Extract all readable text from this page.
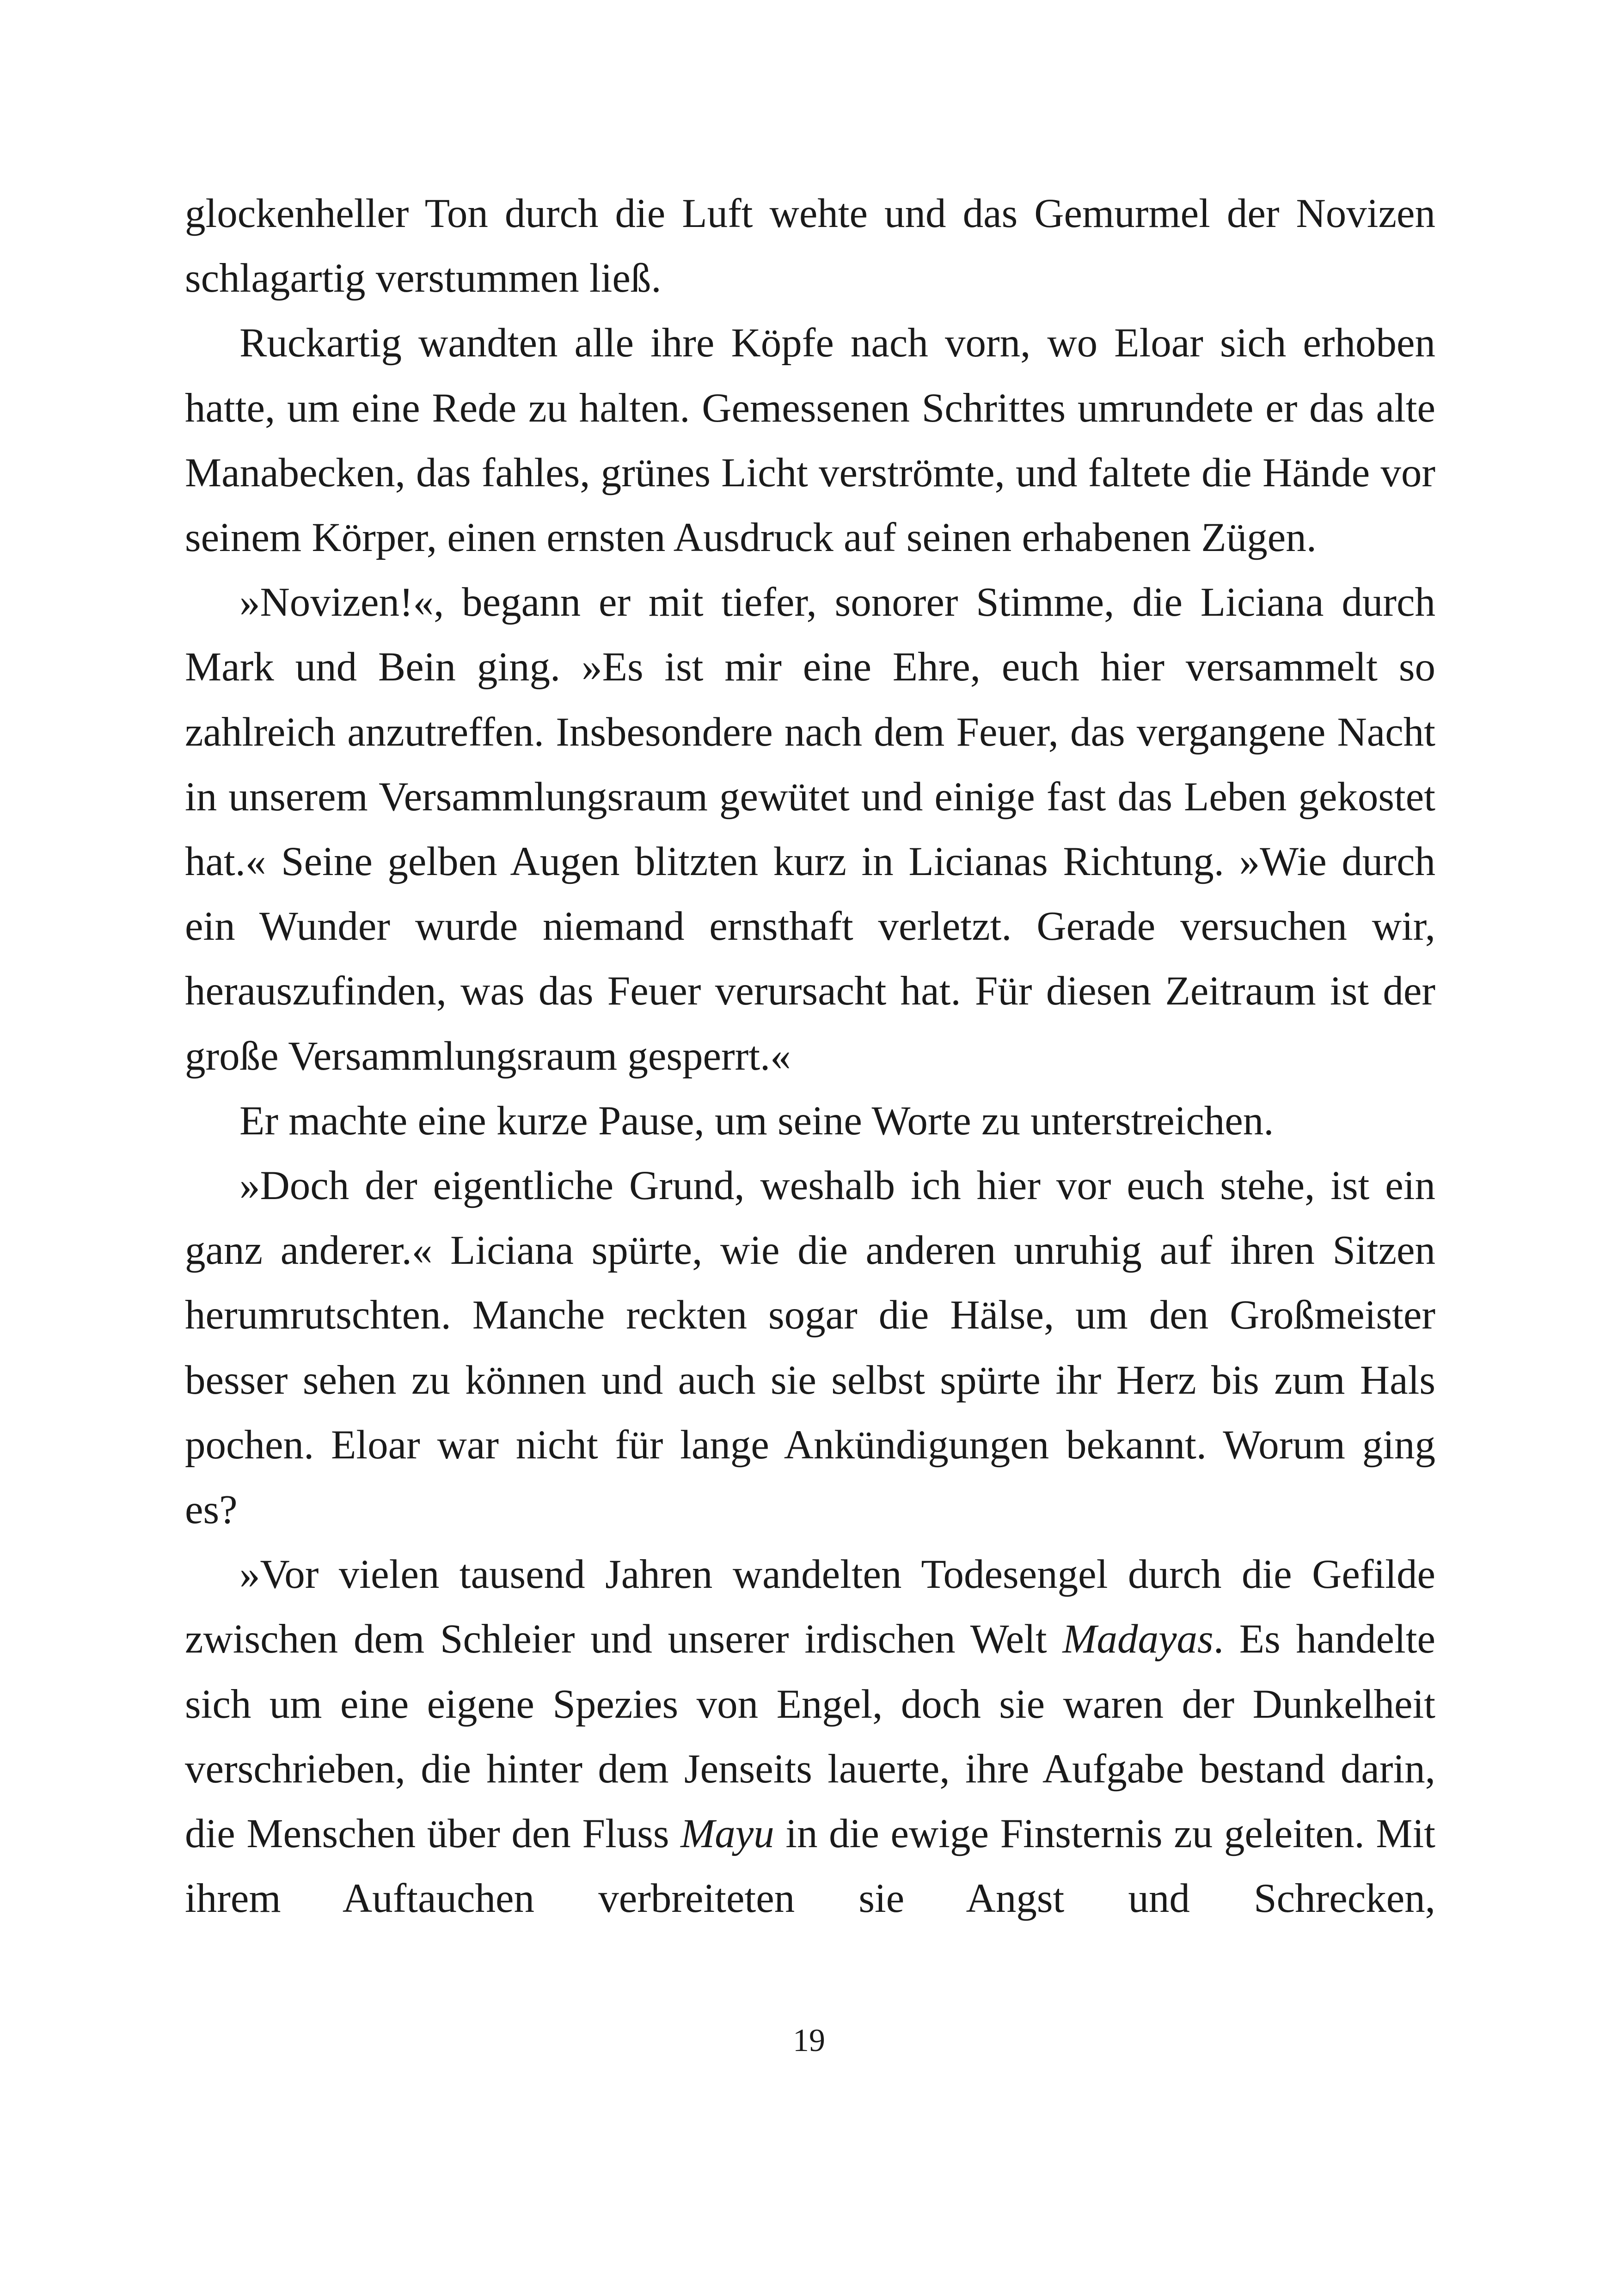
glockenheller Ton durch die Luft wehte und das Gemurmel der Novizen schlagartig verstummen ließ.

Ruckartig wandten alle ihre Köpfe nach vorn, wo Eloar sich erhoben hatte, um eine Rede zu halten. Gemessenen Schrittes umrundete er das alte Manabecken, das fahles, grünes Licht verströmte, und faltete die Hände vor seinem Körper, einen ernsten Ausdruck auf seinen erhabenen Zügen.

»Novizen!«, begann er mit tiefer, sonorer Stimme, die Liciana durch Mark und Bein ging. »Es ist mir eine Ehre, euch hier versammelt so zahlreich anzutreffen. Insbesondere nach dem Feuer, das vergangene Nacht in unserem Versammlungsraum gewütet und einige fast das Leben gekostet hat.« Seine gelben Augen blitzten kurz in Licianas Richtung. »Wie durch ein Wunder wurde niemand ernsthaft verletzt. Gerade versuchen wir, herauszufinden, was das Feuer verursacht hat. Für diesen Zeitraum ist der große Versammlungsraum gesperrt.«

Er machte eine kurze Pause, um seine Worte zu unterstreichen.

»Doch der eigentliche Grund, weshalb ich hier vor euch stehe, ist ein ganz anderer.« Liciana spürte, wie die anderen unruhig auf ihren Sitzen herumrutschten. Manche reckten sogar die Hälse, um den Großmeister besser sehen zu können und auch sie selbst spürte ihr Herz bis zum Hals pochen. Eloar war nicht für lange Ankündigungen bekannt. Worum ging es?

»Vor vielen tausend Jahren wandelten Todesengel durch die Gefilde zwischen dem Schleier und unserer irdischen Welt Madayas. Es handelte sich um eine eigene Spezies von Engel, doch sie waren der Dunkelheit verschrieben, die hinter dem Jenseits lauerte, ihre Aufgabe bestand darin, die Menschen über den Fluss Mayu in die ewige Finsternis zu geleiten. Mit ihrem Auftauchen verbreiteten sie Angst und Schrecken,

19
